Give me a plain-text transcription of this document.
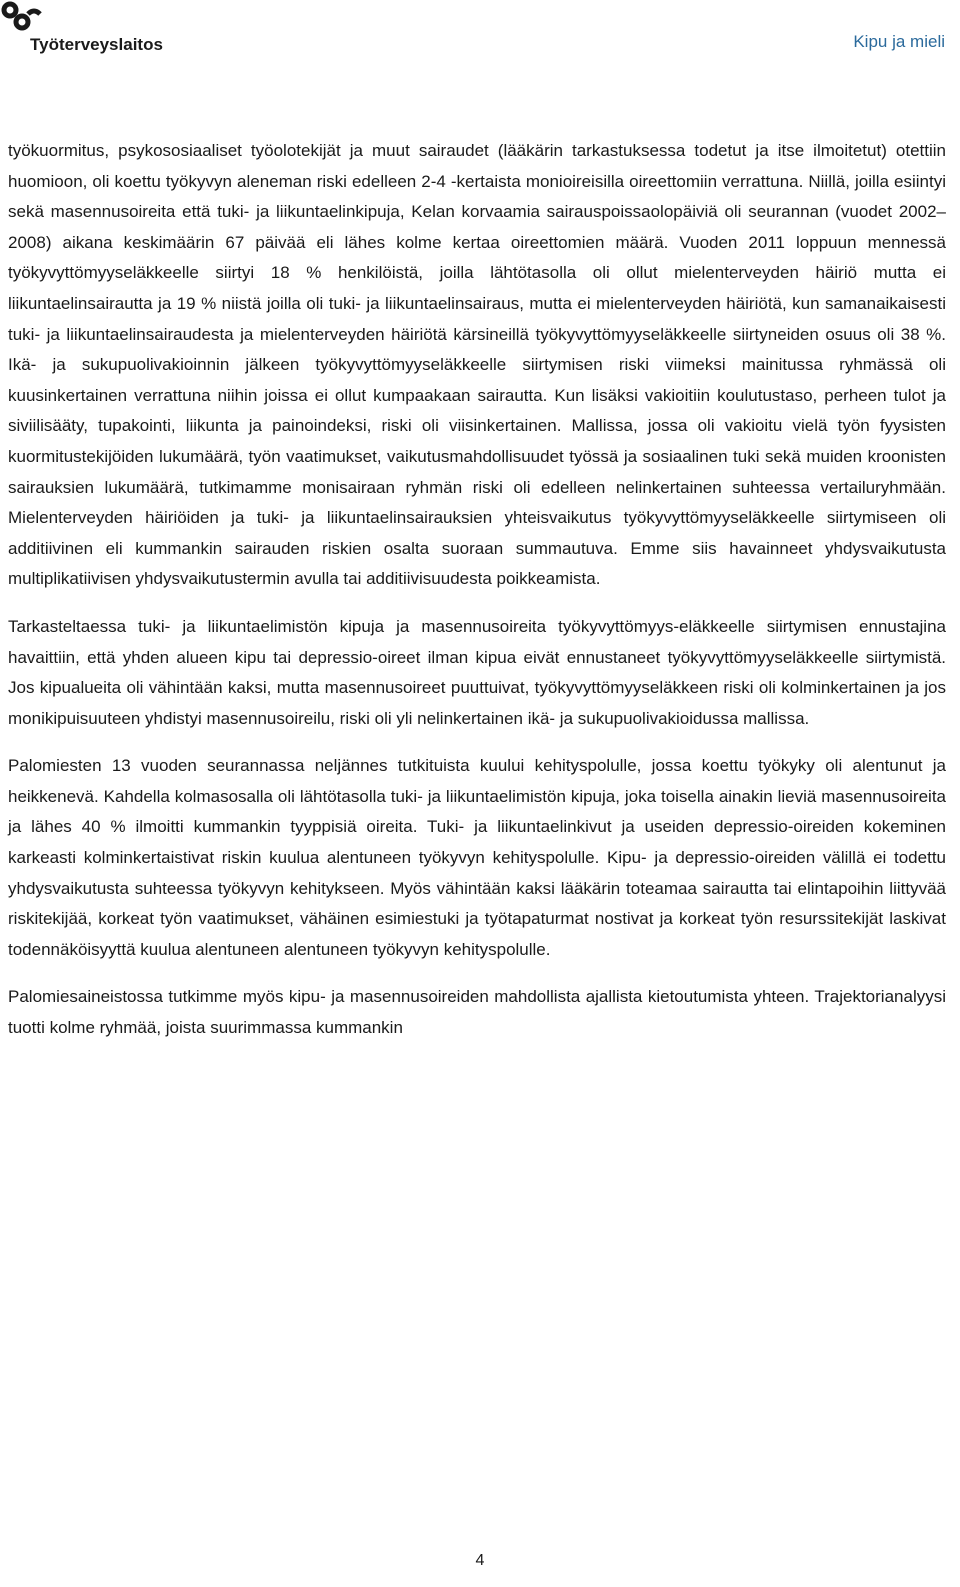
Työterveyslaitos	Kipu ja mieli

työkuormitus, psykososiaaliset työolotekijät ja muut sairaudet (lääkärin tarkastuksessa todetut ja itse ilmoitetut) otettiin huomioon, oli koettu työkyvyn aleneman riski edelleen 2-4 -kertaista monioireisilla oireettomiin verrattuna. Niillä, joilla esiintyi sekä masennusoireita että tuki- ja liikuntaelinkipuja, Kelan korvaamia sairauspoissaolopäiviä oli seurannan (vuodet 2002–2008) aikana keskimäärin 67 päivää eli lähes kolme kertaa oireettomien määrä. Vuoden 2011 loppuun mennessä työkyvyttömyyseläkkeelle siirtyi 18 % henkilöistä, joilla lähtötasolla oli ollut mielenterveyden häiriö mutta ei liikuntaelinsairautta ja 19 % niistä joilla oli tuki- ja liikuntaelinsairaus, mutta ei mielenterveyden häiriötä, kun samanaikaisesti tuki- ja liikuntaelinsairaudesta ja mielenterveyden häiriötä kärsineillä työkyvyttömyyseläkkeelle siirtyneiden osuus oli 38 %. Ikä- ja sukupuolivakioinnin jälkeen työkyvyttömyyseläkkeelle siirtymisen riski viimeksi mainitussa ryhmässä oli kuusinkertainen verrattuna niihin joissa ei ollut kumpaakaan sairautta. Kun lisäksi vakioitiin koulutustaso, perheen tulot ja siviilisääty, tupakointi, liikunta ja painoindeksi, riski oli viisinkertainen. Mallissa, jossa oli vakioitu vielä työn fyysisten kuormitustekijöiden lukumäärä, työn vaatimukset, vaikutusmahdollisuudet työssä ja sosiaalinen tuki sekä muiden kroonisten sairauksien lukumäärä, tutkimamme monisairaan ryhmän riski oli edelleen nelinkertainen suhteessa vertailuryhmään. Mielenterveyden häiriöiden ja tuki- ja liikuntaelinsairauksien yhteisvaikutus työkyvyttömyyseläkkeelle siirtymiseen oli additiivinen eli kummankin sairauden riskien osalta suoraan summautuva. Emme siis havainneet yhdysvaikutusta multiplikatiivisen yhdysvaikutustermin avulla tai additiivisuudesta poikkeamista.

Tarkasteltaessa tuki- ja liikuntaelimistön kipuja ja masennusoireita työkyvyttömyys-eläkkeelle siirtymisen ennustajina havaittiin, että yhden alueen kipu tai depressio-oireet ilman kipua eivät ennustaneet työkyvyttömyyseläkkeelle siirtymistä. Jos kipualueita oli vähintään kaksi, mutta masennusoireet puuttuivat, työkyvyttömyyseläkkeen riski oli kolminkertainen ja jos monikipuisuuteen yhdistyi masennusoireilu, riski oli yli nelinkertainen ikä- ja sukupuolivakioidussa mallissa.

Palomiesten 13 vuoden seurannassa neljännes tutkituista kuului kehityspolulle, jossa koettu työkyky oli alentunut ja heikkenevä. Kahdella kolmasosalla oli lähtötasolla tuki- ja liikuntaelimistön kipuja, joka toisella ainakin lieviä masennusoireita ja lähes 40 % ilmoitti kummankin tyyppisiä oireita. Tuki- ja liikuntaelinkivut ja useiden depressio-oireiden kokeminen karkeasti kolminkertaistivat riskin kuulua alentuneen työkyvyn kehityspolulle. Kipu- ja depressio-oireiden välillä ei todettu yhdysvaikutusta suhteessa työkyvyn kehitykseen. Myös vähintään kaksi lääkärin toteamaa sairautta tai elintapoihin liittyvää riskitekijää, korkeat työn vaatimukset, vähäinen esimiestuki ja työtapaturmat nostivat ja korkeat työn resurssitekijät laskivat todennäköisyyttä kuulua alentuneen alentuneen työkyvyn kehityspolulle.

Palomiesaineistossa tutkimme myös kipu- ja masennusoireiden mahdollista ajallista kietoutumista yhteen. Trajektorianalyysi tuotti kolme ryhmää, joista suurimmassa kummankin

4
